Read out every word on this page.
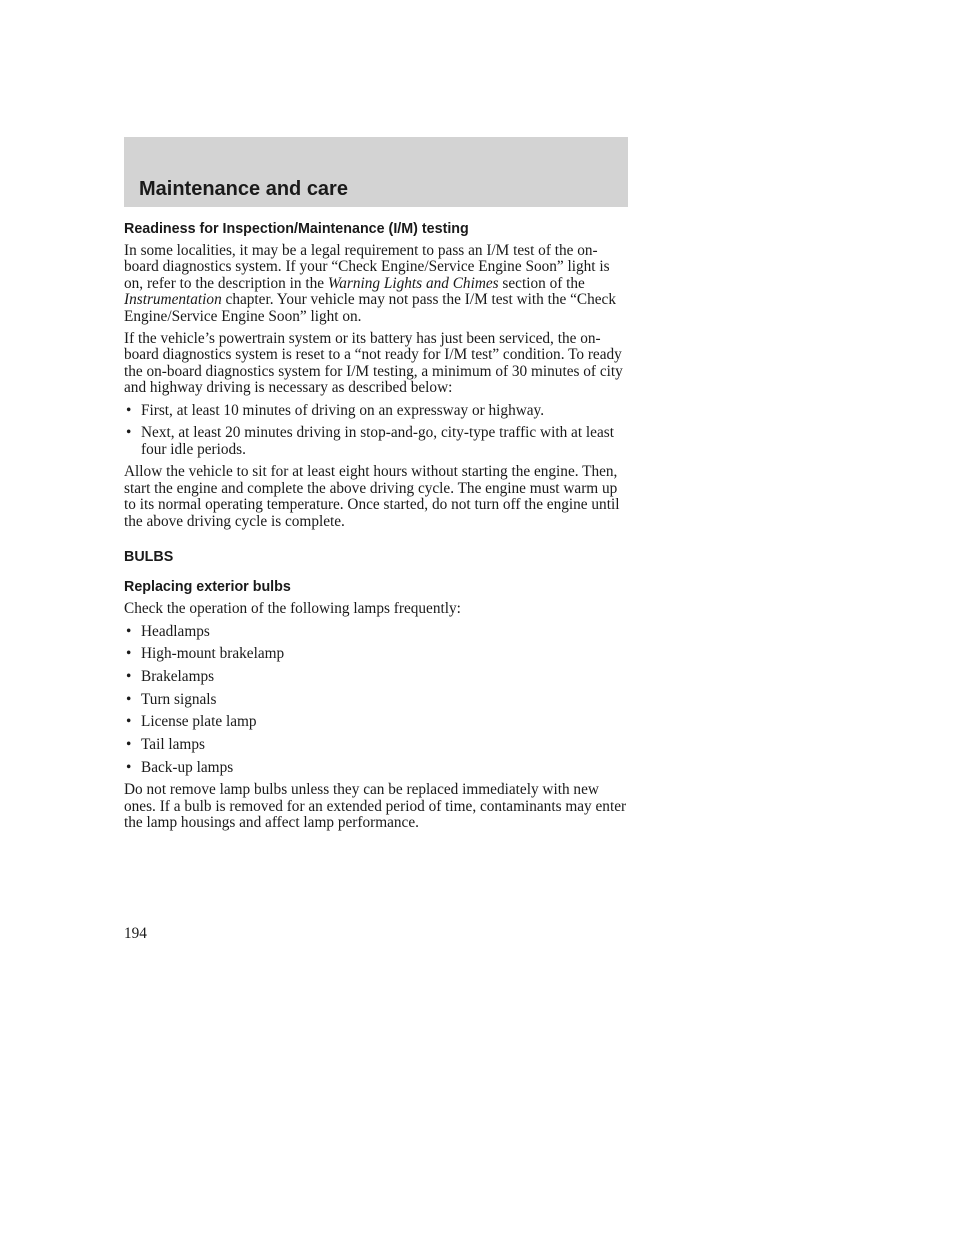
Maintenance and care
Readiness for Inspection/Maintenance (I/M) testing

In some localities, it may be a legal requirement to pass an I/M test of the on-board diagnostics system. If your “Check Engine/Service Engine Soon” light is on, refer to the description in the Warning Lights and Chimes section of the Instrumentation chapter. Your vehicle may not pass the I/M test with the “Check Engine/Service Engine Soon” light on.

If the vehicle’s powertrain system or its battery has just been serviced, the on-board diagnostics system is reset to a “not ready for I/M test” condition. To ready the on-board diagnostics system for I/M testing, a minimum of 30 minutes of city and highway driving is necessary as described below:

• First, at least 10 minutes of driving on an expressway or highway.
• Next, at least 20 minutes driving in stop-and-go, city-type traffic with at least four idle periods.

Allow the vehicle to sit for at least eight hours without starting the engine. Then, start the engine and complete the above driving cycle. The engine must warm up to its normal operating temperature. Once started, do not turn off the engine until the above driving cycle is complete.

BULBS
Replacing exterior bulbs

Check the operation of the following lamps frequently:

• Headlamps
• High-mount brakelamp
• Brakelamps
• Turn signals
• License plate lamp
• Tail lamps
• Back-up lamps

Do not remove lamp bulbs unless they can be replaced immediately with new ones. If a bulb is removed for an extended period of time, contaminants may enter the lamp housings and affect lamp performance.

194
